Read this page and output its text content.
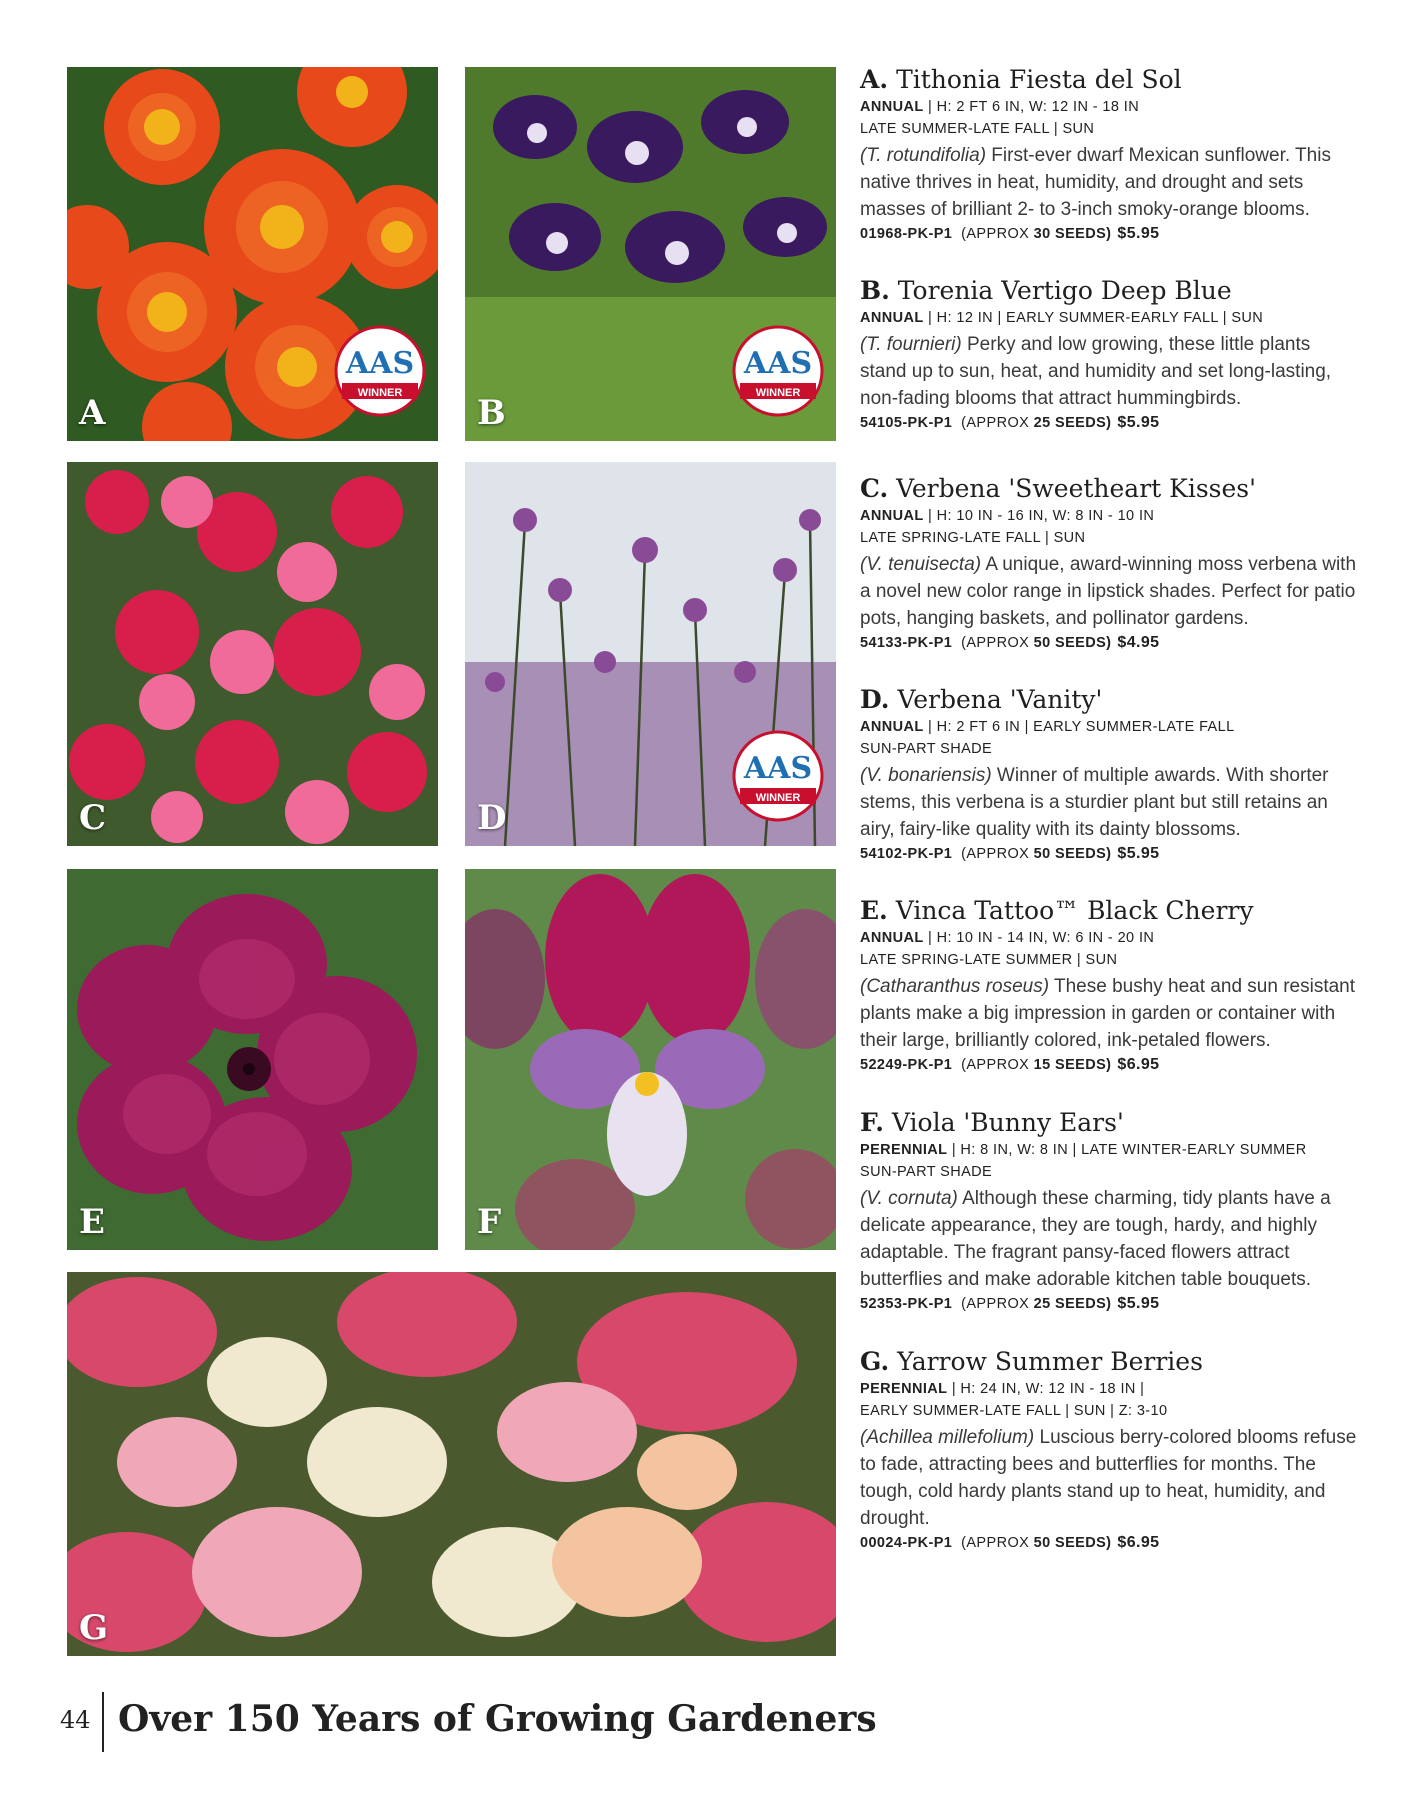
AAS
WINNER
A
AAS
WINNER
B
C
AAS
WINNER
D
E	F
G
A. Tithonia Fiesta del Sol
ANNUAL | H: 2 FT 6 IN, W: 12 IN - 18 IN
LATE SUMMER-LATE FALL | SUN
(T. rotundifolia) First-ever dwarf Mexican sunflower. This native thrives in heat, humidity, and drought and sets masses of brilliant 2- to 3-inch smoky-orange blooms.
01968-PK-P1 (APPROX 30 SEEDS) $5.95
B. Torenia Vertigo Deep Blue
ANNUAL | H: 12 IN | EARLY SUMMER-EARLY FALL | SUN
(T. fournieri) Perky and low growing, these little plants stand up to sun, heat, and humidity and set long-lasting, non-fading blooms that attract hummingbirds.
54105-PK-P1 (APPROX 25 SEEDS) $5.95
C. Verbena 'Sweetheart Kisses'
ANNUAL | H: 10 IN - 16 IN, W: 8 IN - 10 IN
LATE SPRING-LATE FALL | SUN
(V. tenuisecta) A unique, award-winning moss verbena with a novel new color range in lipstick shades. Perfect for patio pots, hanging baskets, and pollinator gardens.
54133-PK-P1 (APPROX 50 SEEDS) $4.95
D. Verbena 'Vanity'
ANNUAL | H: 2 FT 6 IN | EARLY SUMMER-LATE FALL
SUN-PART SHADE
(V. bonariensis) Winner of multiple awards. With shorter stems, this verbena is a sturdier plant but still retains an airy, fairy-like quality with its dainty blossoms.
54102-PK-P1 (APPROX 50 SEEDS) $5.95
E. Vinca Tattoo™ Black Cherry
ANNUAL | H: 10 IN - 14 IN, W: 6 IN - 20 IN
LATE SPRING-LATE SUMMER | SUN
(Catharanthus roseus) These bushy heat and sun resistant plants make a big impression in garden or container with their large, brilliantly colored, ink-petaled flowers.
52249-PK-P1 (APPROX 15 SEEDS) $6.95
F. Viola 'Bunny Ears'
PERENNIAL | H: 8 IN, W: 8 IN | LATE WINTER-EARLY SUMMER
SUN-PART SHADE
(V. cornuta) Although these charming, tidy plants have a delicate appearance, they are tough, hardy, and highly adaptable. The fragrant pansy-faced flowers attract butterflies and make adorable kitchen table bouquets.
52353-PK-P1 (APPROX 25 SEEDS) $5.95
G. Yarrow Summer Berries
PERENNIAL | H: 24 IN, W: 12 IN - 18 IN |
EARLY SUMMER-LATE FALL | SUN | Z: 3-10
(Achillea millefolium) Luscious berry-colored blooms refuse to fade, attracting bees and butterflies for months. The tough, cold hardy plants stand up to heat, humidity, and drought.
00024-PK-P1 (APPROX 50 SEEDS) $6.95
44 Over 150 Years of Growing Gardeners
